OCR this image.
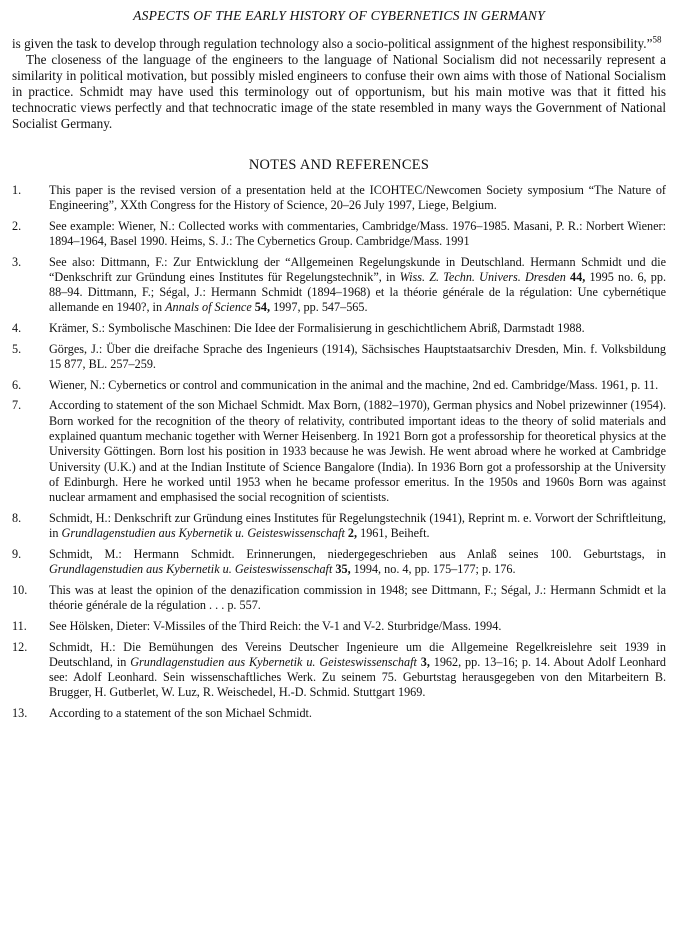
ASPECTS OF THE EARLY HISTORY OF CYBERNETICS IN GERMANY

is given the task to develop through regulation technology also a socio-political assignment of the highest responsibility.”$^{58}$

The closeness of the language of the engineers to the language of National Socialism did not necessarily represent a similarity in political motivation, but possibly misled engineers to confuse their own aims with those of National Socialism in practice. Schmidt may have used this terminology out of opportunism, but his main motive was that it fitted his technocratic views perfectly and that technocratic image of the state resembled in many ways the Government of National Socialist Germany.

NOTES AND REFERENCES
1.	This paper is the revised version of a presentation held at the ICOHTEC/Newcomen Society symposium “The Nature of Engineering”, XXth Congress for the History of Science, 20–26 July 1997, Liege, Belgium.
2.	See example: Wiener, N.: Collected works with commentaries, Cambridge/Mass. 1976–1985. Masani, P. R.: Norbert Wiener: 1894–1964, Basel 1990. Heims, S. J.: The Cybernetics Group. Cambridge/Mass. 1991
3.	See also: Dittmann, F.: Zur Entwicklung der “Allgemeinen Regelungskunde in Deutschland. Hermann Schmidt und die “Denkschrift zur Gründung eines Institutes für Regelungstechnik”, in Wiss. Z. Techn. Univers. Dresden 44, 1995 no. 6, pp. 88–94. Dittmann, F.; Ségal, J.: Hermann Schmidt (1894–1968) et la théorie générale de la régulation: Une cybernétique allemande en 1940?, in Annals of Science 54, 1997, pp. 547–565.
4.	Krämer, S.: Symbolische Maschinen: Die Idee der Formalisierung in geschichtlichem Abriß, Darmstadt 1988.
5.	Görges, J.: Über die dreifache Sprache des Ingenieurs (1914), Sächsisches Hauptstaatsarchiv Dresden, Min. f. Volksbildung 15 877, BL. 257–259.
6.	Wiener, N.: Cybernetics or control and communication in the animal and the machine, 2nd ed. Cambridge/Mass. 1961, p. 11.
7.	According to statement of the son Michael Schmidt. Max Born, (1882–1970), German physics and Nobel prizewinner (1954). Born worked for the recognition of the theory of relativity, contributed important ideas to the theory of solid materials and explained quantum mechanic together with Werner Heisenberg. In 1921 Born got a professorship for theoretical physics at the University Göttingen. Born lost his position in 1933 because he was Jewish. He went abroad where he worked at Cambridge University (U.K.) and at the Indian Institute of Science Bangalore (India). In 1936 Born got a professorship at the University of Edinburgh. Here he worked until 1953 when he became professor emeritus. In the 1950s and 1960s Born was against nuclear armament and emphasised the social recognition of scientists.
8.	Schmidt, H.: Denkschrift zur Gründung eines Institutes für Regelungstechnik (1941), Reprint m. e. Vorwort der Schriftleitung, in Grundlagenstudien aus Kybernetik u. Geisteswissenschaft 2, 1961, Beiheft.
9.	Schmidt, M.: Hermann Schmidt. Erinnerungen, niedergegeschrieben aus Anlaß seines 100. Geburtstags, in Grundlagenstudien aus Kybernetik u. Geisteswissenschaft 35, 1994, no. 4, pp. 175–177; p. 176.
10.	This was at least the opinion of the denazification commission in 1948; see Dittmann, F.; Ségal, J.: Hermann Schmidt et la théorie générale de la régulation . . . p. 557.
11.	See Hölsken, Dieter: V-Missiles of the Third Reich: the V-1 and V-2. Sturbridge/Mass. 1994.
12.	Schmidt, H.: Die Bemühungen des Vereins Deutscher Ingenieure um die Allgemeine Regelkreislehre seit 1939 in Deutschland, in Grundlagenstudien aus Kybernetik u. Geisteswissenschaft 3, 1962, pp. 13–16; p. 14. About Adolf Leonhard see: Adolf Leonhard. Sein wissenschaftliches Werk. Zu seinem 75. Geburtstag herausgegeben von den Mitarbeitern B. Brugger, H. Gutberlet, W. Luz, R. Weischedel, H.-D. Schmid. Stuttgart 1969.
13.	According to a statement of the son Michael Schmidt.
